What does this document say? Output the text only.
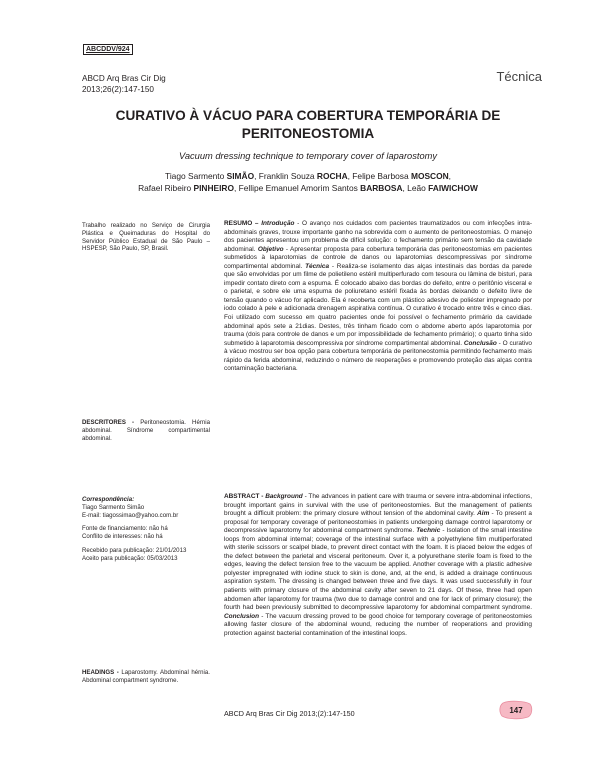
ABCDDV/924
ABCD Arq Bras Cir Dig
2013;26(2):147-150
Técnica
CURATIVO À VÁCUO PARA COBERTURA TEMPORÁRIA DE PERITONEOSTOMIA
Vacuum dressing technique to temporary cover of laparostomy
Tiago Sarmento SIMÃO, Franklin Souza ROCHA, Felipe Barbosa MOSCON,
Rafael Ribeiro PINHEIRO, Fellipe Emanuel Amorim Santos BARBOSA, Leão FAIWICHOW
Trabalho realizado no Serviço de Cirurgia Plástica e Queimaduras do Hospital do Servidor Público Estadual de São Paulo – HSPESP, São Paulo, SP, Brasil.
DESCRITORES - Peritoneostomia. Hérnia abdominal. Síndrome compartimental abdominal.
Correspondência:
Tiago Sarmento Simão
E-mail: tiagossimao@yahoo.com.br
Fonte de financiamento: não há
Conflito de interesses: não há
Recebido para publicação: 21/01/2013
Aceito para publicação: 05/03/2013
HEADINGS - Laparostomy. Abdominal hérnia. Abdominal compartment syndrome.
RESUMO – Introdução - O avanço nos cuidados com pacientes traumatizados ou com infecções intra-abdominais graves, trouxe importante ganho na sobrevida com o aumento de peritoneostomias. O manejo dos pacientes apresentou um problema de difícil solução: o fechamento primário sem tensão da cavidade abdominal. Objetivo - Apresentar proposta para cobertura temporária das peritoneostomias em pacientes submetidos à laparotomias de controle de danos ou laparotomias descompressivas por síndrome compartimental abdominal. Técnica - Realiza-se isolamento das alças intestinais das bordas da parede que são envolvidas por um filme de polietileno estéril multiperfurado com tesoura ou lâmina de bisturi, para impedir contato direto com a espuma. É colocado abaixo das bordas do defeito, entre o peritônio visceral e o parietal, e sobre ele uma espuma de poliuretano estéril fixada às bordas deixando o defeito livre de tensão quando o vácuo for aplicado. Ela é recoberta com um plástico adesivo de poliéster impregnado por iodo colado à pele e adicionada drenagem aspirativa contínua. O curativo é trocado entre três e cinco dias. Foi utilizado com sucesso em quatro pacientes onde foi possível o fechamento primário da cavidade abdominal após sete a 21dias. Destes, três tinham ficado com o abdome aberto após laparotomia por trauma (dois para controle de danos e um por impossibilidade de fechamento primário); o quarto tinha sido submetido à laparotomia descompressiva por síndrome compartimental abdominal. Conclusão - O curativo à vácuo mostrou ser boa opção para cobertura temporária de peritoneostomia permitindo fechamento mais rápido da ferida abdominal, reduzindo o número de reoperações e promovendo proteção das alças contra contaminação bacteriana.
ABSTRACT - Background - The advances in patient care with trauma or severe intra-abdominal infections, brought important gains in survival with the use of peritoneostomies. But the management of patients brought a difficult problem: the primary closure without tension of the abdominal cavity. Aim - To present a proposal for temporary coverage of peritoneostomies in patients undergoing damage control laparotomy or decompressive laparotomy for abdominal compartment syndrome. Technic - Isolation of the small intestine loops from abdominal internal; coverage of the intestinal surface with a polyethylene film multiperforated with sterile scissors or scalpel blade, to prevent direct contact with the foam. It is placed below the edges of the defect between the parietal and visceral peritoneum. Over it, a polyurethane sterile foam is fixed to the edges, leaving the defect tension free to the vacuum be applied. Another coverage with a plastic adhesive polyester impregnated with iodine stuck to skin is done, and, at the end, is added a drainage continuous aspiration system. The dressing is changed between three and five days. It was used successfully in four patients with primary closure of the abdominal cavity after seven to 21 days. Of these, three had open abdomen after laparotomy for trauma (two due to damage control and one for lack of primary closure); the fourth had been previously submitted to decompressive laparotomy for abdominal compartment syndrome. Conclusion - The vacuum dressing proved to be good choice for temporary coverage of peritoneostomies allowing faster closure of the abdominal wound, reducing the number of reoperations and providing protection against bacterial contamination of the intestinal loops.
ABCD Arq Bras Cir Dig 2013;(2):147-150	147
